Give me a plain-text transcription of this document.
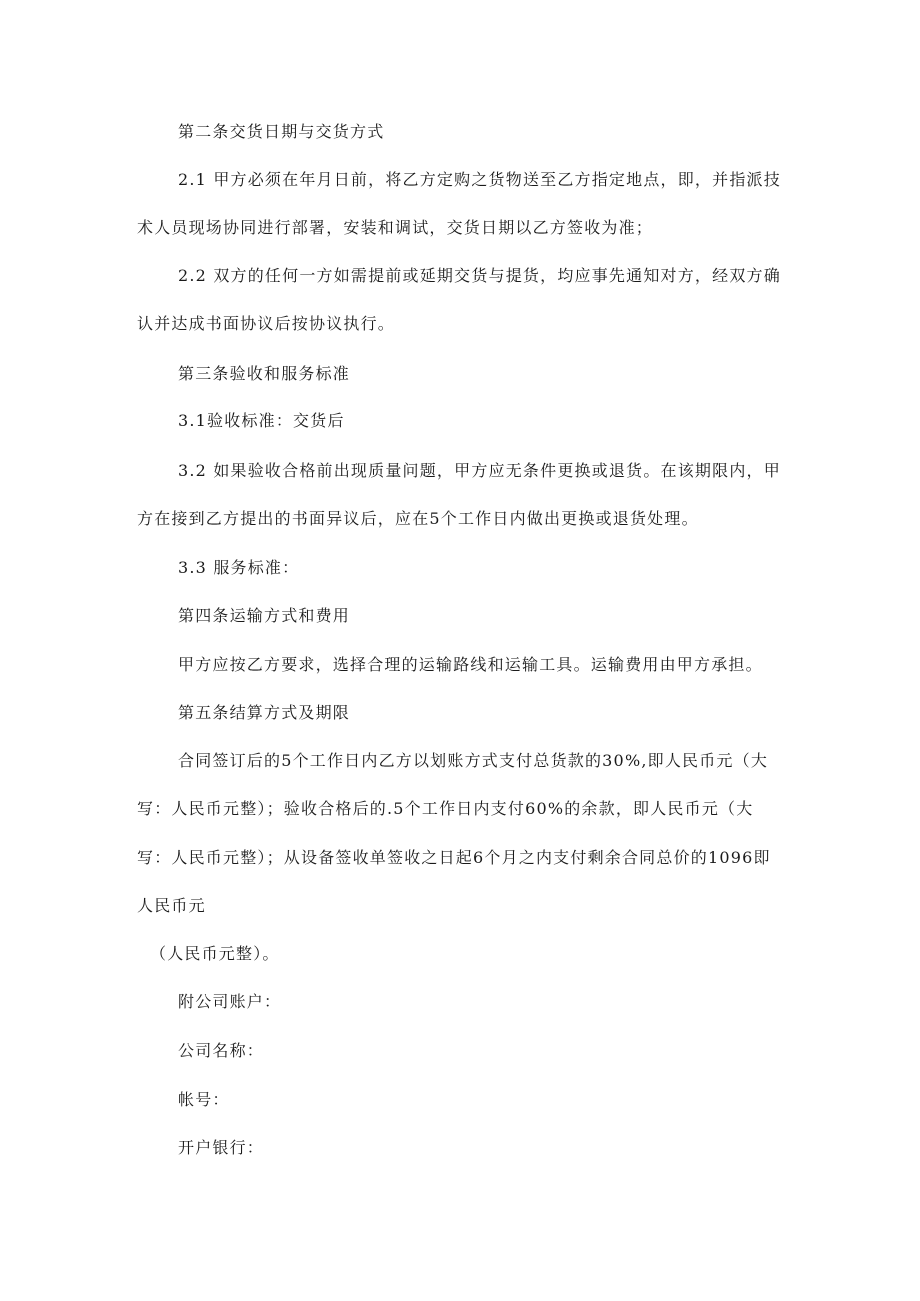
第二条交货日期与交货方式
2.1 甲方必须在年月日前，将乙方定购之货物送至乙方指定地点，即，并指派技
术人员现场协同进行部署，安装和调试，交货日期以乙方签收为准；
2.2 双方的任何一方如需提前或延期交货与提货，均应事先通知对方，经双方确
认并达成书面协议后按协议执行。
第三条验收和服务标准
3.1验收标准：交货后
3.2 如果验收合格前出现质量问题，甲方应无条件更换或退货。在该期限内，甲
方在接到乙方提出的书面异议后，应在5个工作日内做出更换或退货处理。
3.3 服务标准：
第四条运输方式和费用
甲方应按乙方要求，选择合理的运输路线和运输工具。运输费用由甲方承担。
第五条结算方式及期限
合同签订后的5个工作日内乙方以划账方式支付总货款的30%,即人民币元（大
写：人民币元整）；验收合格后的.5个工作日内支付60%的余款，即人民币元（大
写：人民币元整）；从设备签收单签收之日起6个月之内支付剩余合同总价的1096即
人民币元
（人民币元整）。
附公司账户：
公司名称：
帐号：
开户银行：
